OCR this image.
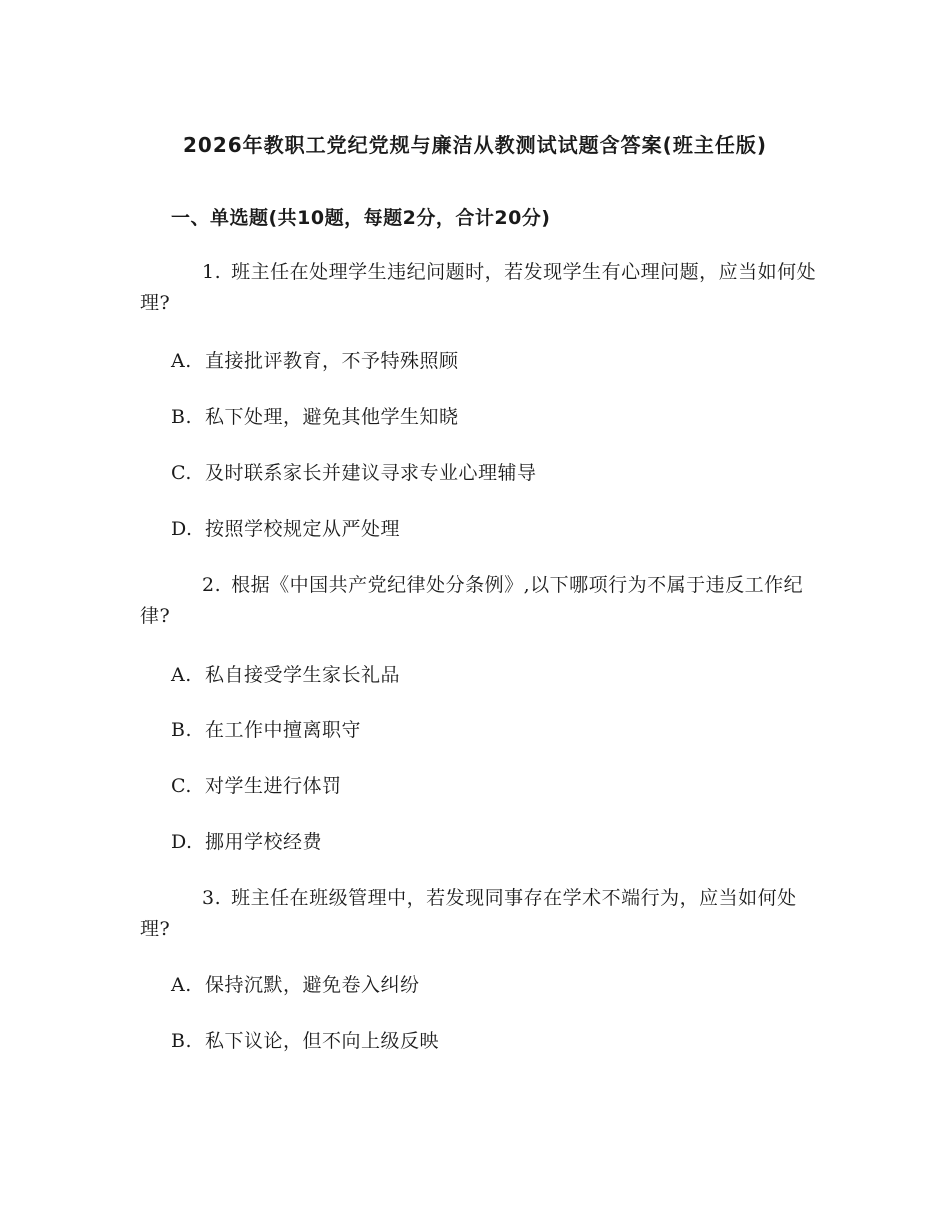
2026年教职工党纪党规与廉洁从教测试试题含答案(班主任版)
一、单选题(共10题，每题2分，合计20分)
1. 班主任在处理学生违纪问题时，若发现学生有心理问题，应当如何处理?
A. 直接批评教育，不予特殊照顾
B. 私下处理，避免其他学生知晓
C. 及时联系家长并建议寻求专业心理辅导
D. 按照学校规定从严处理
2. 根据《中国共产党纪律处分条例》,以下哪项行为不属于违反工作纪律?
A. 私自接受学生家长礼品
B. 在工作中擅离职守
C. 对学生进行体罚
D. 挪用学校经费
3. 班主任在班级管理中，若发现同事存在学术不端行为，应当如何处理?
A. 保持沉默，避免卷入纠纷
B. 私下议论，但不向上级反映
